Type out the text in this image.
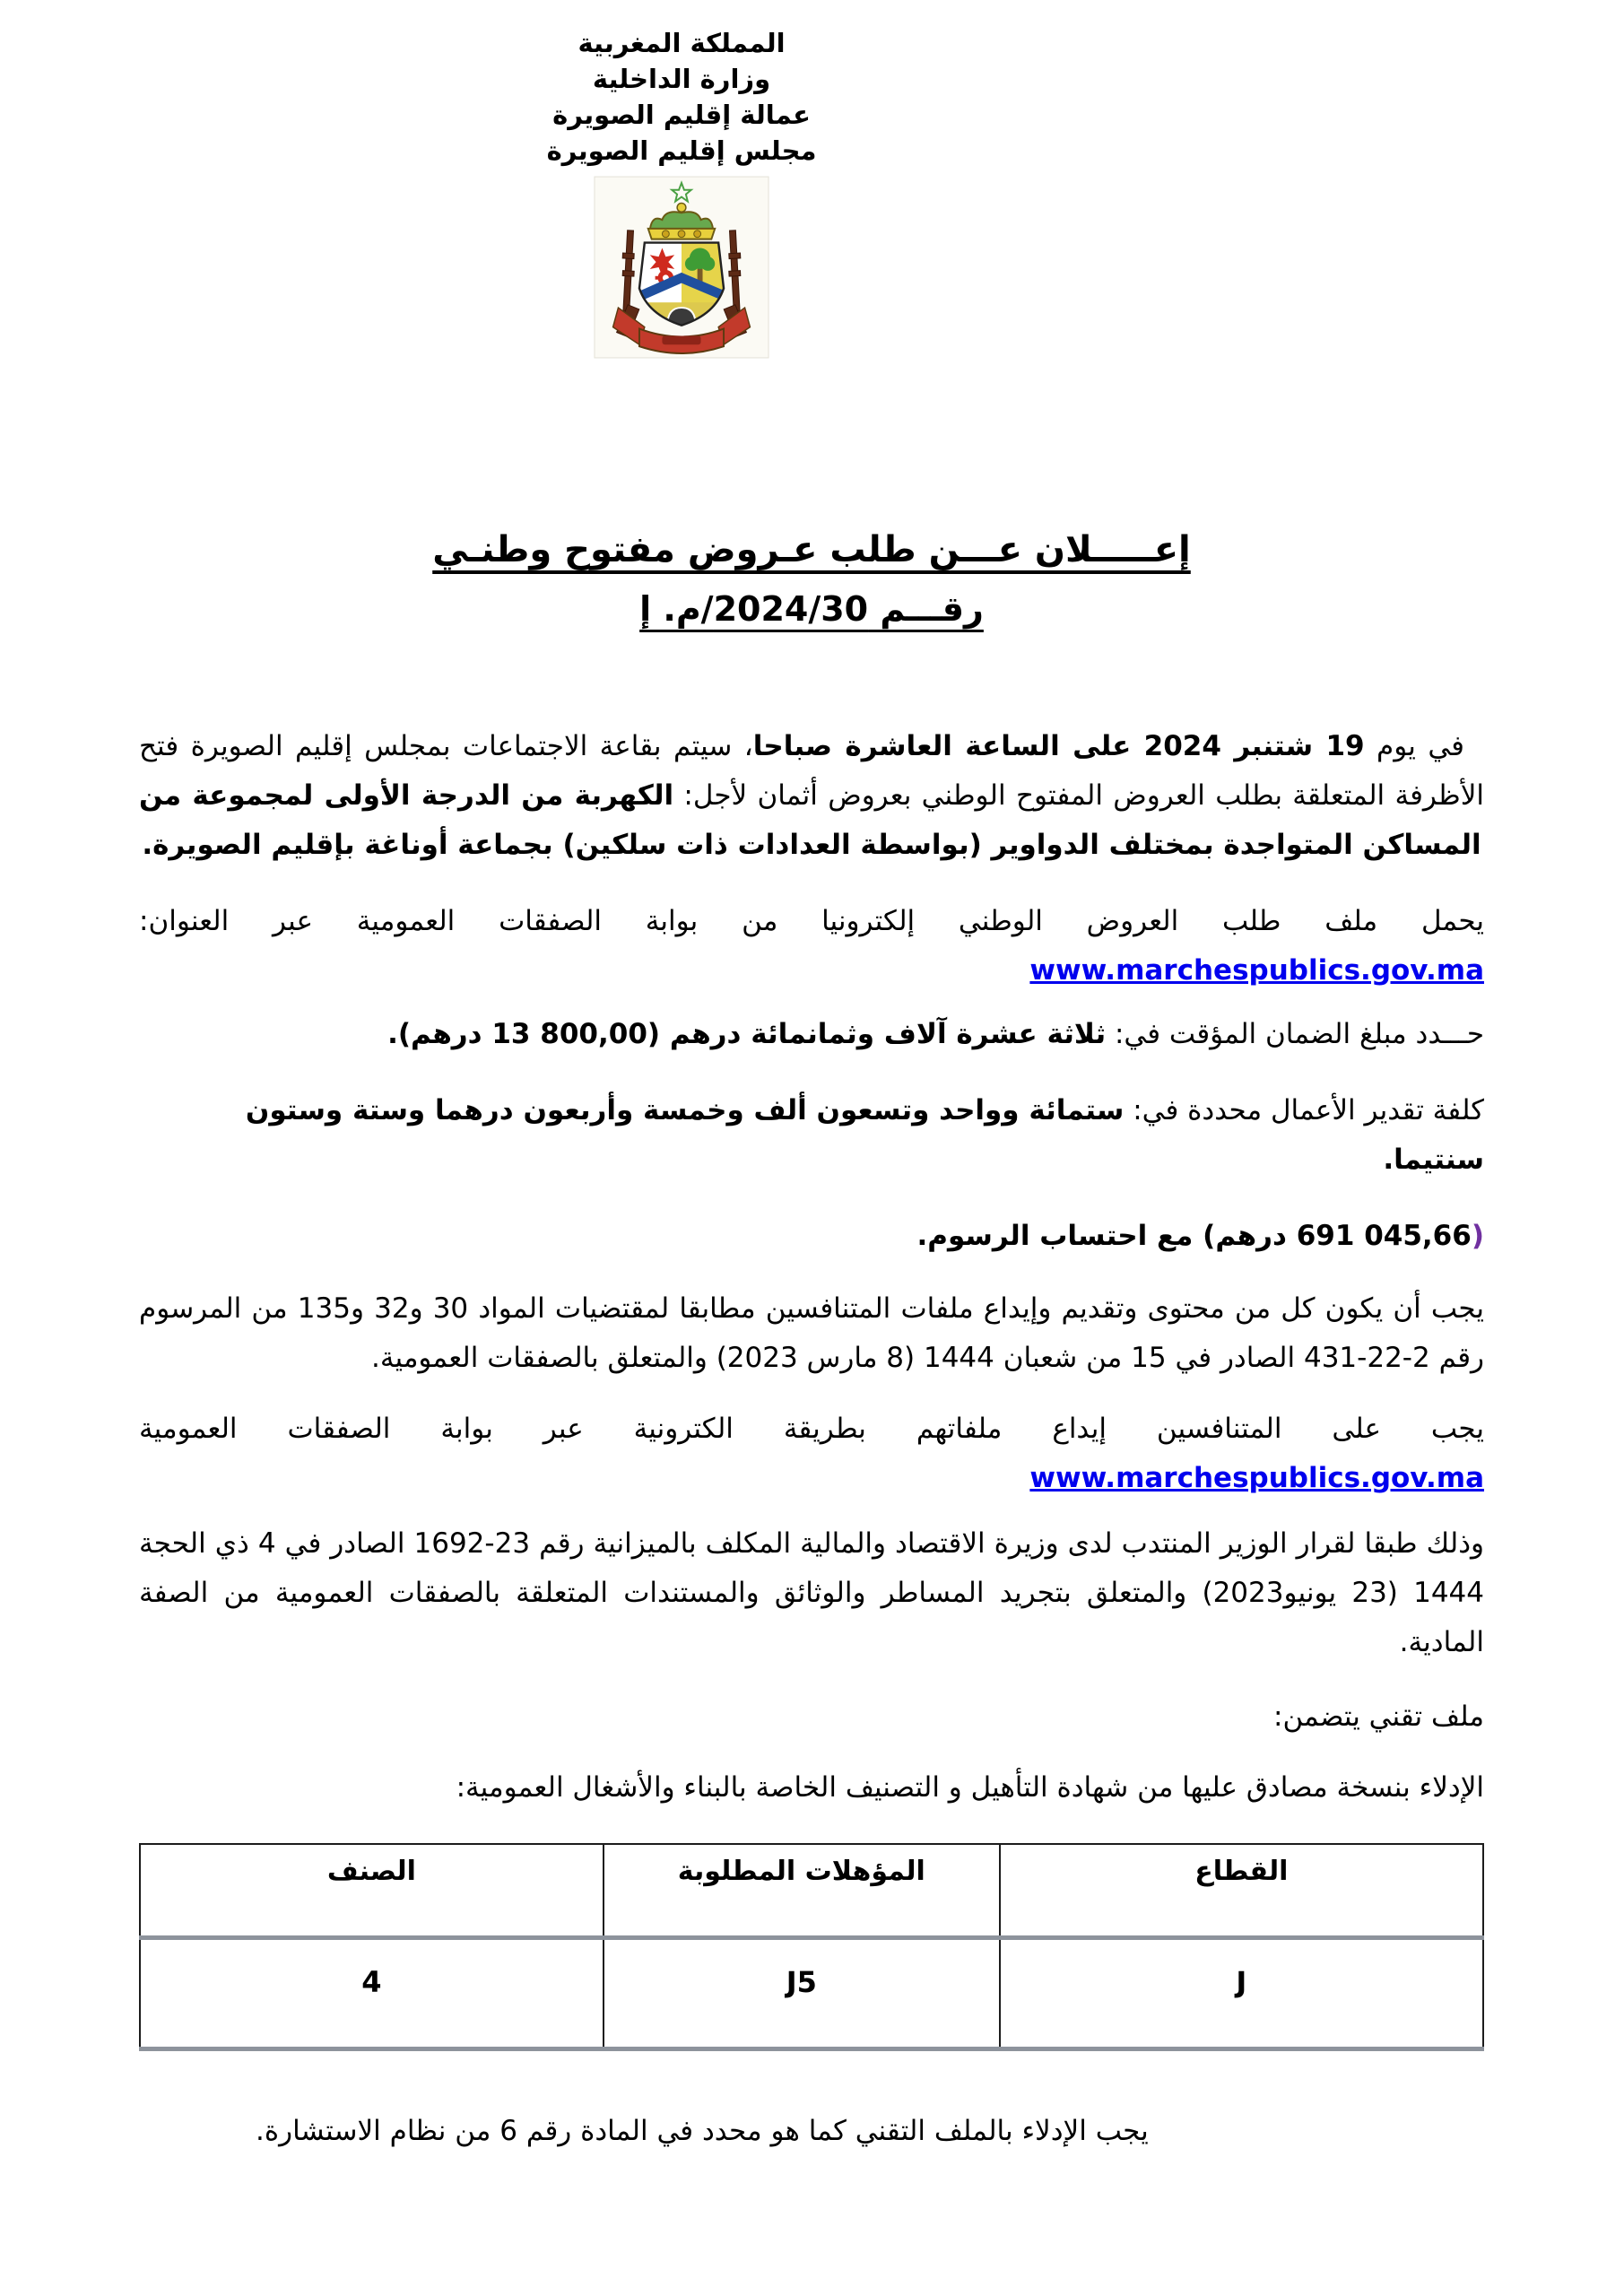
المملكة المغربية
وزارة الداخلية
عمالة إقليم الصويرة
مجلس إقليم الصويرة
إعـــــلان عـــن طلب عـروض مفتوح وطنـي
رقـــم 2024/30/م. إ

في يوم 19 شتنبر 2024 على الساعة العاشرة صباحا، سيتم بقاعة الاجتماعات بمجلس إقليم الصويرة فتح الأظرفة المتعلقة بطلب العروض المفتوح الوطني بعروض أثمان لأجل: الكهربة من الدرجة الأولى لمجموعة من المساكن المتواجدة بمختلف الدواوير (بواسطة العدادات ذات سلكين) بجماعة أوناغة بإقليم الصويرة.

يحمل ملف طلب العروض الوطني إلكترونيا من بوابة الصفقات العمومية عبر العنوان: www.marchespublics.gov.ma

حـــدد مبلغ الضمان المؤقت في: ثلاثة عشرة آلاف وثمانمائة درهم (13 800,00 درهم).

كلفة تقدير الأعمال محددة في: ستمائة وواحد وتسعون ألف وخمسة وأربعون درهما وستة وستون سنتيما.

(691 045,66 درهم) مع احتساب الرسوم.

يجب أن يكون كل من محتوى وتقديم وإيداع ملفات المتنافسين مطابقا لمقتضيات المواد 30 و32 و135 من المرسوم رقم 2-22-431 الصادر في 15 من شعبان 1444 (8 مارس 2023) والمتعلق بالصفقات العمومية.

يجب على المتنافسين إيداع ملفاتهم بطريقة الكترونية عبر بوابة الصفقات العمومية www.marchespublics.gov.ma

وذلك طبقا لقرار الوزير المنتدب لدى وزيرة الاقتصاد والمالية المكلف بالميزانية رقم 23-1692 الصادر في 4 ذي الحجة 1444 (23 يونيو2023) والمتعلق بتجريد المساطر والوثائق والمستندات المتعلقة بالصفقات العمومية من الصفة المادية.

ملف تقني يتضمن:

الإدلاء بنسخة مصادق عليها من شهادة التأهيل و التصنيف الخاصة بالبناء والأشغال العمومية:

القطاع	المؤهلات المطلوبة	الصنف
J	J5	4

يجب الإدلاء بالملف التقني كما هو محدد في المادة رقم 6 من نظام الاستشارة.
